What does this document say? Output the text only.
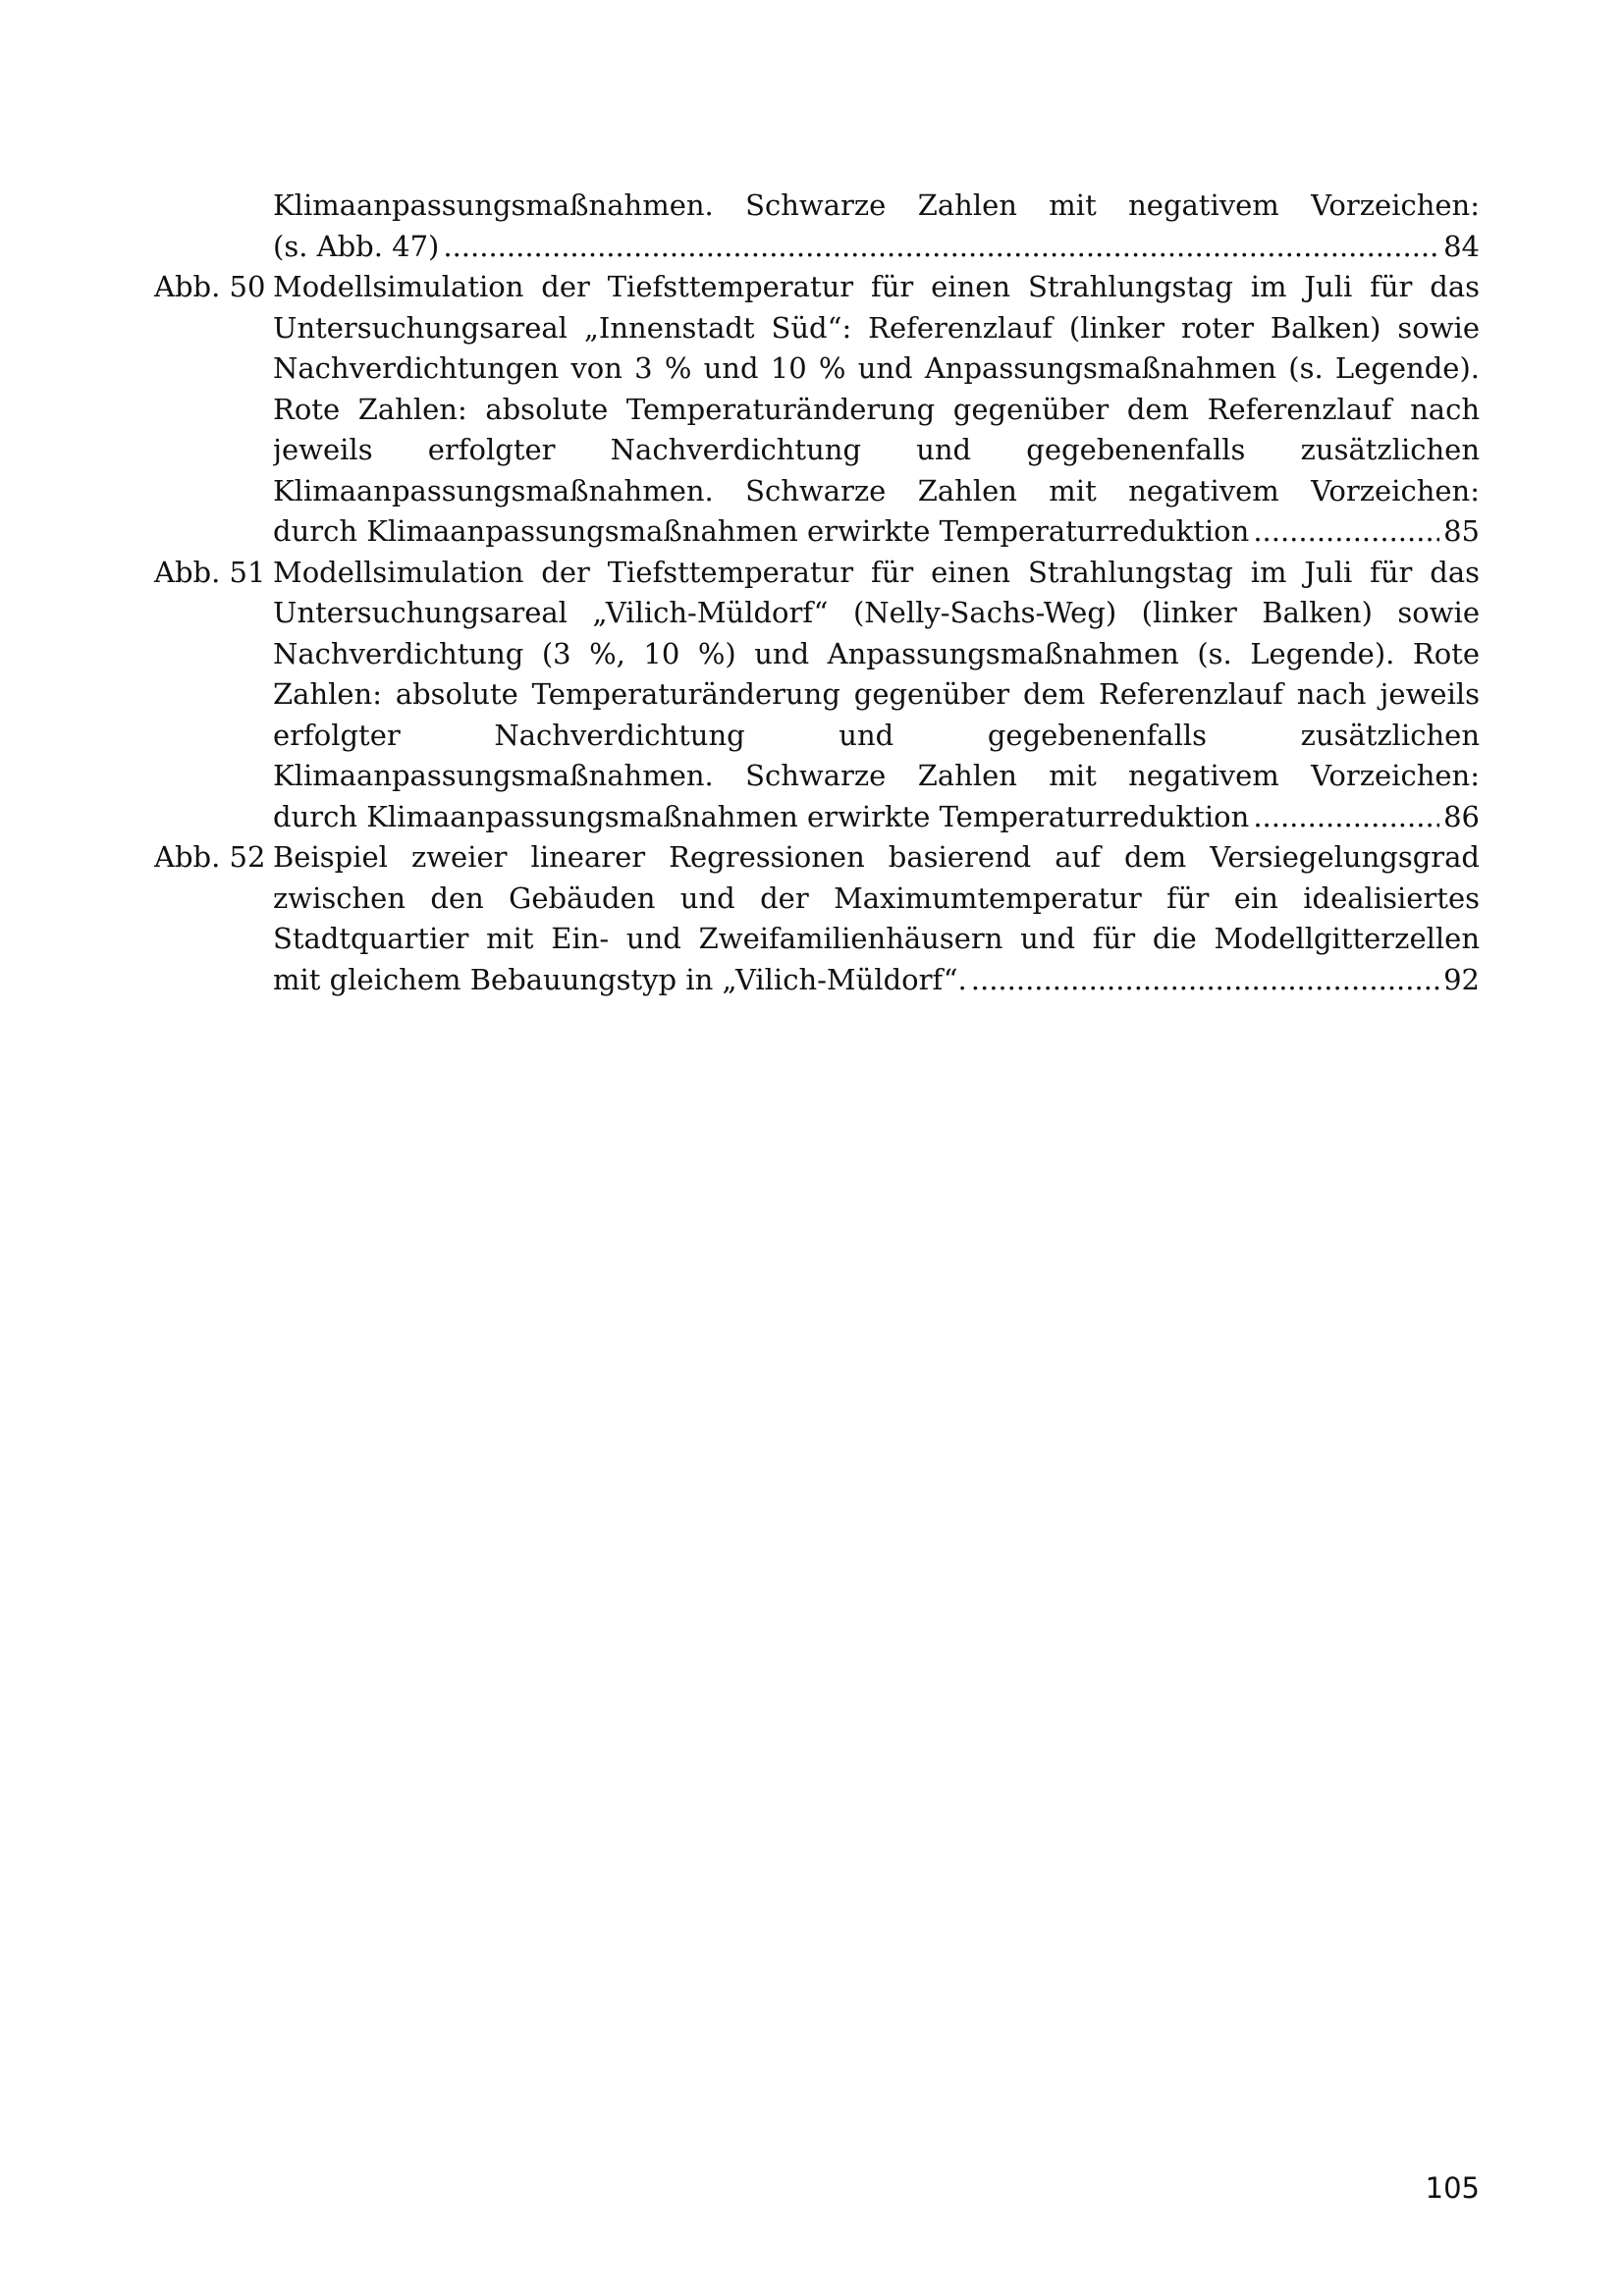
Klimaanpassungsmaßnahmen. Schwarze Zahlen mit negativem Vorzeichen:
(s. Abb. 47) .....	84
Abb. 50 Modellsimulation der Tiefsttemperatur für einen Strahlungstag im Juli für das
Untersuchungsareal „Innenstadt Süd“: Referenzlauf (linker roter Balken) sowie
Nachverdichtungen von 3 % und 10 % und Anpassungsmaßnahmen (s. Legende).
Rote Zahlen: absolute Temperaturänderung gegenüber dem Referenzlauf nach
jeweils erfolgter Nachverdichtung und gegebenenfalls zusätzlichen
Klimaanpassungsmaßnahmen. Schwarze Zahlen mit negativem Vorzeichen:
durch Klimaanpassungsmaßnahmen erwirkte Temperaturreduktion .....	85
Abb. 51 Modellsimulation der Tiefsttemperatur für einen Strahlungstag im Juli für das
Untersuchungsareal „Vilich-Müldorf“ (Nelly-Sachs-Weg) (linker Balken) sowie
Nachverdichtung (3 %, 10 %) und Anpassungsmaßnahmen (s. Legende). Rote
Zahlen: absolute Temperaturänderung gegenüber dem Referenzlauf nach jeweils
erfolgter Nachverdichtung und gegebenenfalls zusätzlichen
Klimaanpassungsmaßnahmen. Schwarze Zahlen mit negativem Vorzeichen:
durch Klimaanpassungsmaßnahmen erwirkte Temperaturreduktion .....	86
Abb. 52 Beispiel zweier linearer Regressionen basierend auf dem Versiegelungsgrad
zwischen den Gebäuden und der Maximumtemperatur für ein idealisiertes
Stadtquartier mit Ein- und Zweifamilienhäusern und für die Modellgitterzellen
mit gleichem Bebauungstyp in „Vilich-Müldorf“. .....	92
105
